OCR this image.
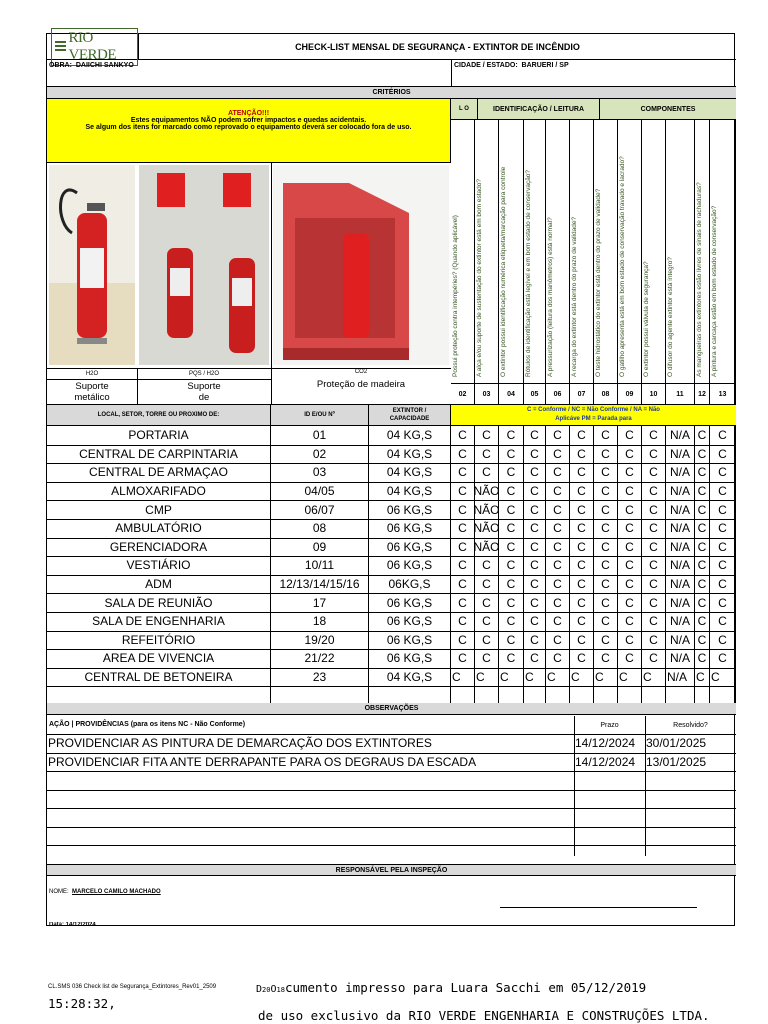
RIO VERDE	CHECK-LIST MENSAL DE SEGURANÇA - EXTINTOR DE INCÊNDIO
OBRA: DAIICHI SANKYO	CIDADE / ESTADO: BARUERI / SP
CRITÉRIOS
ATENÇÃO!!!
Estes equipamentos NÃO podem sofrer impactos e quedas acidentais.
Se algum dos itens for marcado como reprovado o equipamento deverá ser colocado fora de uso.
L O	IDENTIFICAÇÃO / LEITURA	COMPONENTES
H2O	PQS / H2O	CO2
Suporte
metálico
Suporte
de
Proteção de madeira
LOCAL, SETOR, TORRE OU PROXIMO DE:	ID E/OU Nº
EXTINTOR / CAPACIDADE
C = Conforme / NC = Não Conforme / NA = Não
Aplicáve PM = Parada para
OBSERVAÇÕES
AÇÃO | PROVIDÊNCIAS (para os itens NC - Não Conforme)	Prazo	Resolvido?
RESPONSÁVEL PELA INSPEÇÃO
NOME: MARCELO CAMILO MACHADO
Data: 14/12/2024
Possui proteção contra intempéries? (Quando aplicável)
02
A alça e/ou suporte de sustentação do extintor está em bom estado?
03
O extintor possui identificação numérica etiqueta/marcação para controle
04
Rótulos de identificação está legível e em bom estado de conservação?
05
A pressurização (leitura dos manômetros) está normal?
06
A recarga do extintor está dentro do prazo de validade?
07
O teste hidrostático do extintor está dentro do prazo de validade?
08
O gatilho apresenta está em bom estado de conservação travado e lacrado?
09
O extintor possui válvula de segurança?
10
O difusor do agente extintor está íntegro?
11
As mangueiras dos extintores estão livres de sinais de rachaduras?
12
A pintura e carcaça estão em bom estado de conservação?
13
PORTARIA	01	04 KG,S	C	C	C	C	C	C	C	C	C	N/A C C
CENTRAL DE CARPINTARIA	02	04 KG,S	C	C	C	C	C	C	C	C	C	N/A C C
CENTRAL DE ARMAÇAO	03	04 KG,S	C	C	C	C	C	C	C	C	C	N/A C C
ALMOXARIFADO	04/05	04 KG,S	C NÃO C	C	C	C	C	C	C	N/A C C
CMP	06/07	06 KG,S	C NÃO C	C	C	C	C	C	C	N/A C C
AMBULATÓRIO	08	06 KG,S	C NÃO C	C	C	C	C	C	C	N/A C C
GERENCIADORA	09	06 KG,S	C NÃO C	C	C	C	C	C	C	N/A C C
VESTIÁRIO	10/11	06 KG,S	C	C	C	C	C	C	C	C	C	N/A C C
ADM	12/13/14/15/16	06KG,S	C	C	C	C	C	C	C	C	C	N/A C C
SALA DE REUNIÃO	17	06 KG,S	C	C	C	C	C	C	C	C	C	N/A C C
SALA DE ENGENHARIA	18	06 KG,S	C	C	C	C	C	C	C	C	C	N/A C C
REFEITÓRIO	19/20	06 KG,S	C	C	C	C	C	C	C	C	C	N/A C C
AREA DE VIVENCIA	21/22	06 KG,S	C	C	C	C	C	C	C	C	C	N/A C C
CENTRAL DE BETONEIRA	23	04 KG,S	C	C	C	C	C	C	C	C	C	N/A C C
PROVIDENCIAR AS PINTURA DE DEMARCAÇÃO DOS EXTINTORES	14/12/2024 30/01/2025
PROVIDENCIAR FITA ANTE DERRAPANTE PARA OS DEGRAUS DA ESCADA	14/12/2024 13/01/2025
CL.SMS 036 Check list de Segurança_Extintores_Rev01_2509	D20O18cumento impresso para Luara Sacchi em 05/12/2019
15:28:32,
de uso exclusivo da RIO VERDE ENGENHARIA E CONSTRUÇÕES LTDA.
